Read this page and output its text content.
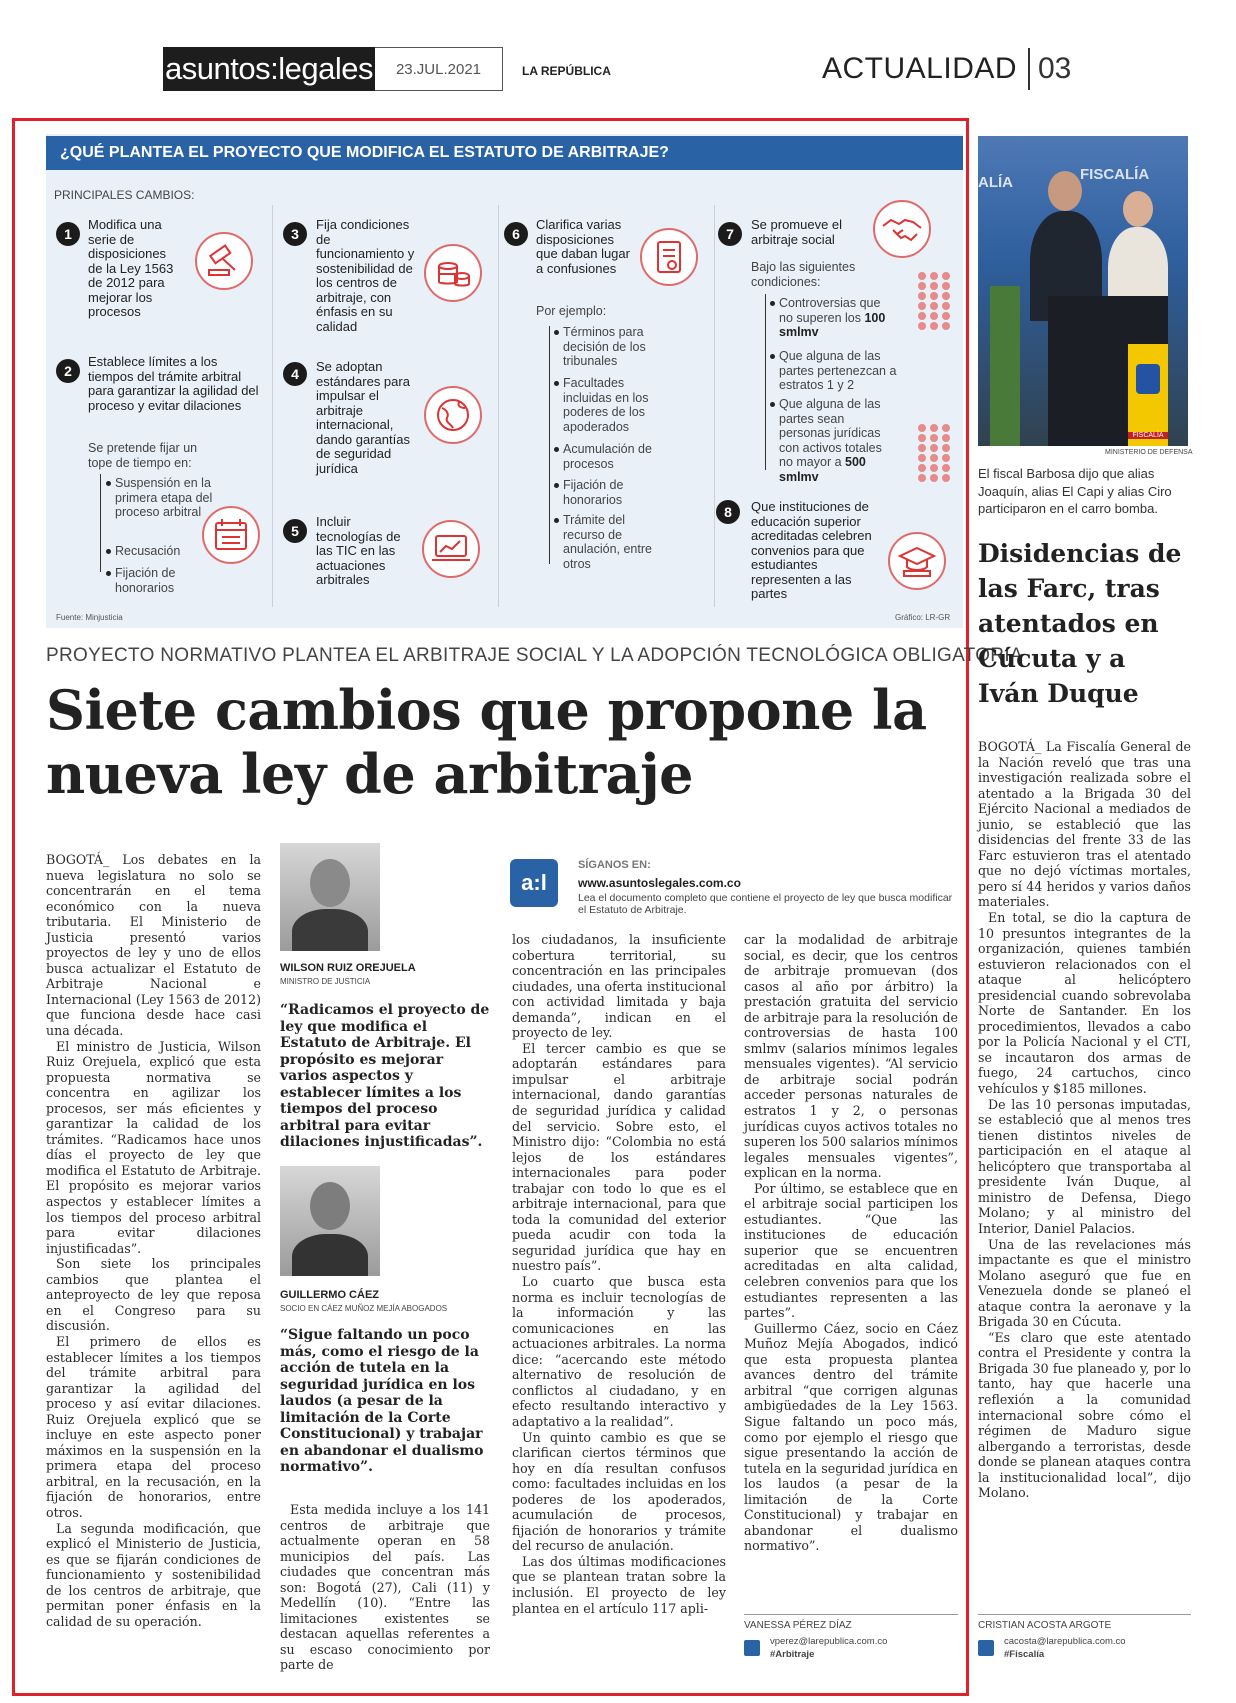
asuntos:legales	23.JUL.2021	LA REPÚBLICA	ACTUALIDAD 03
¿QUÉ PLANTEA EL PROYECTO QUE MODIFICA EL ESTATUTO DE ARBITRAJE?
PRINCIPALES CAMBIOS:
1
Modifica una serie de disposiciones de la Ley 1563 de 2012 para mejorar los procesos
2
Establece límites a los tiempos del trámite arbitral para garantizar la agilidad del proceso y evitar dilaciones
Se pretende fijar un tope de tiempo en:
Suspensión en la primera etapa del proceso arbitral
Recusación
Fijación de honorarios
3
Fija condiciones de funcionamiento y sostenibilidad de los centros de arbitraje, con énfasis en su calidad
4	Se adoptan estándares para impulsar el arbitraje internacional, dando garantías de seguridad jurídica
5
Incluir tecnologías de las TIC en las actuaciones arbitrales
6
Clarifica varias disposiciones que daban lugar a confusiones
Por ejemplo:
Términos para decisión de los tribunales
Facultades incluidas en los poderes de los apoderados
Acumulación de procesos
Fijación de honorarios
Trámite del recurso de anulación, entre otros
7
Se promueve el arbitraje social
Bajo las siguientes condiciones:
Controversias que no superen los 100 smlmv
Que alguna de las partes pertenezcan a estratos 1 y 2
Que alguna de las partes sean personas jurídicas con activos totales no mayor a 500 smlmv
8	Que instituciones de educación superior acreditadas celebren convenios para que estudiantes representen a las partes
Fuente: Minjusticia	Gráfico: LR-GR
PROYECTO NORMATIVO PLANTEA EL ARBITRAJE SOCIAL Y LA ADOPCIÓN TECNOLÓGICA OBLIGATORIA
Siete cambios que propone la nueva ley de arbitraje

BOGOTÁ_ Los debates en la nueva legislatura no solo se concentrarán en el tema económico con la nueva tributaria. El Ministerio de Justicia presentó varios proyectos de ley y uno de ellos busca actualizar el Estatuto de Arbitraje Nacional e Internacional (Ley 1563 de 2012) que funciona desde hace casi una década.

El ministro de Justicia, Wilson Ruiz Orejuela, explicó que esta propuesta normativa se concentra en agilizar los procesos, ser más eficientes y garantizar la calidad de los trámites. “Radicamos hace unos días el proyecto de ley que modifica el Estatuto de Arbitraje. El propósito es mejorar varios aspectos y establecer límites a los tiempos del proceso arbitral para evitar dilaciones injustificadas”.

Son siete los principales cambios que plantea el anteproyecto de ley que reposa en el Congreso para su discusión.

El primero de ellos es establecer límites a los tiempos del trámite arbitral para garantizar la agilidad del proceso y así evitar dilaciones. Ruiz Orejuela explicó que se incluye en este aspecto poner máximos en la suspensión en la primera etapa del proceso arbitral, en la recusación, en la fijación de honorarios, entre otros.

La segunda modificación, que explicó el Ministerio de Justicia, es que se fijarán condiciones de funcionamiento y sostenibilidad de los centros de arbitraje, que permitan poner énfasis en la calidad de su operación.

WILSON RUIZ OREJUELA
MINISTRO DE JUSTICIA
“Radicamos el proyecto de ley que modifica el Estatuto de Arbitraje. El propósito es mejorar varios aspectos y establecer límites a los tiempos del proceso arbitral para evitar dilaciones injustificadas”.
GUILLERMO CÁEZ
SOCIO EN CÁEZ MUÑOZ MEJÍA ABOGADOS
“Sigue faltando un poco más, como el riesgo de la acción de tutela en la seguridad jurídica en los laudos (a pesar de la limitación de la Corte Constitucional) y trabajar en abandonar el dualismo normativo”.

Esta medida incluye a los 141 centros de arbitraje que actualmente operan en 58 municipios del país. Las ciudades que concentran más son: Bogotá (27), Cali (11) y Medellín (10). “Entre las limitaciones existentes se destacan aquellas referentes a su escaso conocimiento por parte de

a:l
SÍGANOS EN:
www.asuntoslegales.com.co
Lea el documento completo que contiene el proyecto de ley que busca modificar el Estatuto de Arbitraje.

los ciudadanos, la insuficiente cobertura territorial, su concentración en las principales ciudades, una oferta institucional con actividad limitada y baja demanda”, indican en el proyecto de ley.

El tercer cambio es que se adoptarán estándares para impulsar el arbitraje internacional, dando garantías de seguridad jurídica y calidad del servicio. Sobre esto, el Ministro dijo: “Colombia no está lejos de los estándares internacionales para poder trabajar con todo lo que es el arbitraje internacional, para que toda la comunidad del exterior pueda acudir con toda la seguridad jurídica que hay en nuestro país”.

Lo cuarto que busca esta norma es incluir tecnologías de la información y las comunicaciones en las actuaciones arbitrales. La norma dice: “acercando este método alternativo de resolución de conflictos al ciudadano, y en efecto resultando interactivo y adaptativo a la realidad”.

Un quinto cambio es que se clarifican ciertos términos que hoy en día resultan confusos como: facultades incluidas en los poderes de los apoderados, acumulación de procesos, fijación de honorarios y trámite del recurso de anulación.

Las dos últimas modificaciones que se plantean tratan sobre la inclusión. El proyecto de ley plantea en el artículo 117 apli-

car la modalidad de arbitraje social, es decir, que los centros de arbitraje promuevan (dos casos al año por árbitro) la prestación gratuita del servicio de arbitraje para la resolución de controversias de hasta 100 smlmv (salarios mínimos legales mensuales vigentes). “Al servicio de arbitraje social podrán acceder personas naturales de estratos 1 y 2, o personas jurídicas cuyos activos totales no superen los 500 salarios mínimos legales mensuales vigentes”, explican en la norma.

Por último, se establece que en el arbitraje social participen los estudiantes. “Que las instituciones de educación superior que se encuentren acreditadas en alta calidad, celebren convenios para que los estudiantes representen a las partes”.

Guillermo Cáez, socio en Cáez Muñoz Mejía Abogados, indicó que esta propuesta plantea avances dentro del trámite arbitral “que corrigen algunas ambigüedades de la Ley 1563. Sigue faltando un poco más, como por ejemplo el riesgo que sigue presentando la acción de tutela en la seguridad jurídica en los laudos (a pesar de la limitación de la Corte Constitucional) y trabajar en abandonar el dualismo normativo”.

VANESSA PÉREZ DÍAZ
vperez@larepublica.com.co
#Arbitraje
ALÍA	FISCALÍA
FISCALÍA
MINISTERIO DE DEFENSA
El fiscal Barbosa dijo que alias Joaquín, alias El Capi y alias Ciro participaron en el carro bomba.
Disidencias de las Farc, tras atentados en Cúcuta y a Iván Duque

BOGOTÁ_ La Fiscalía General de la Nación reveló que tras una investigación realizada sobre el atentado a la Brigada 30 del Ejército Nacional a mediados de junio, se estableció que las disidencias del frente 33 de las Farc estuvieron tras el atentado que no dejó víctimas mortales, pero sí 44 heridos y varios daños materiales.

En total, se dio la captura de 10 presuntos integrantes de la organización, quienes también estuvieron relacionados con el ataque al helicóptero presidencial cuando sobrevolaba Norte de Santander. En los procedimientos, llevados a cabo por la Policía Nacional y el CTI, se incautaron dos armas de fuego, 24 cartuchos, cinco vehículos y $185 millones.

De las 10 personas imputadas, se estableció que al menos tres tienen distintos niveles de participación en el ataque al helicóptero que transportaba al presidente Iván Duque, al ministro de Defensa, Diego Molano; y al ministro del Interior, Daniel Palacios.

Una de las revelaciones más impactante es que el ministro Molano aseguró que fue en Venezuela donde se planeó el ataque contra la aeronave y la Brigada 30 en Cúcuta.

“Es claro que este atentado contra el Presidente y contra la Brigada 30 fue planeado y, por lo tanto, hay que hacerle una reflexión a la comunidad internacional sobre cómo el régimen de Maduro sigue albergando a terroristas, desde donde se planean ataques contra la institucionalidad local”, dijo Molano.

CRISTIAN ACOSTA ARGOTE
cacosta@larepublica.com.co
#Fiscalía
